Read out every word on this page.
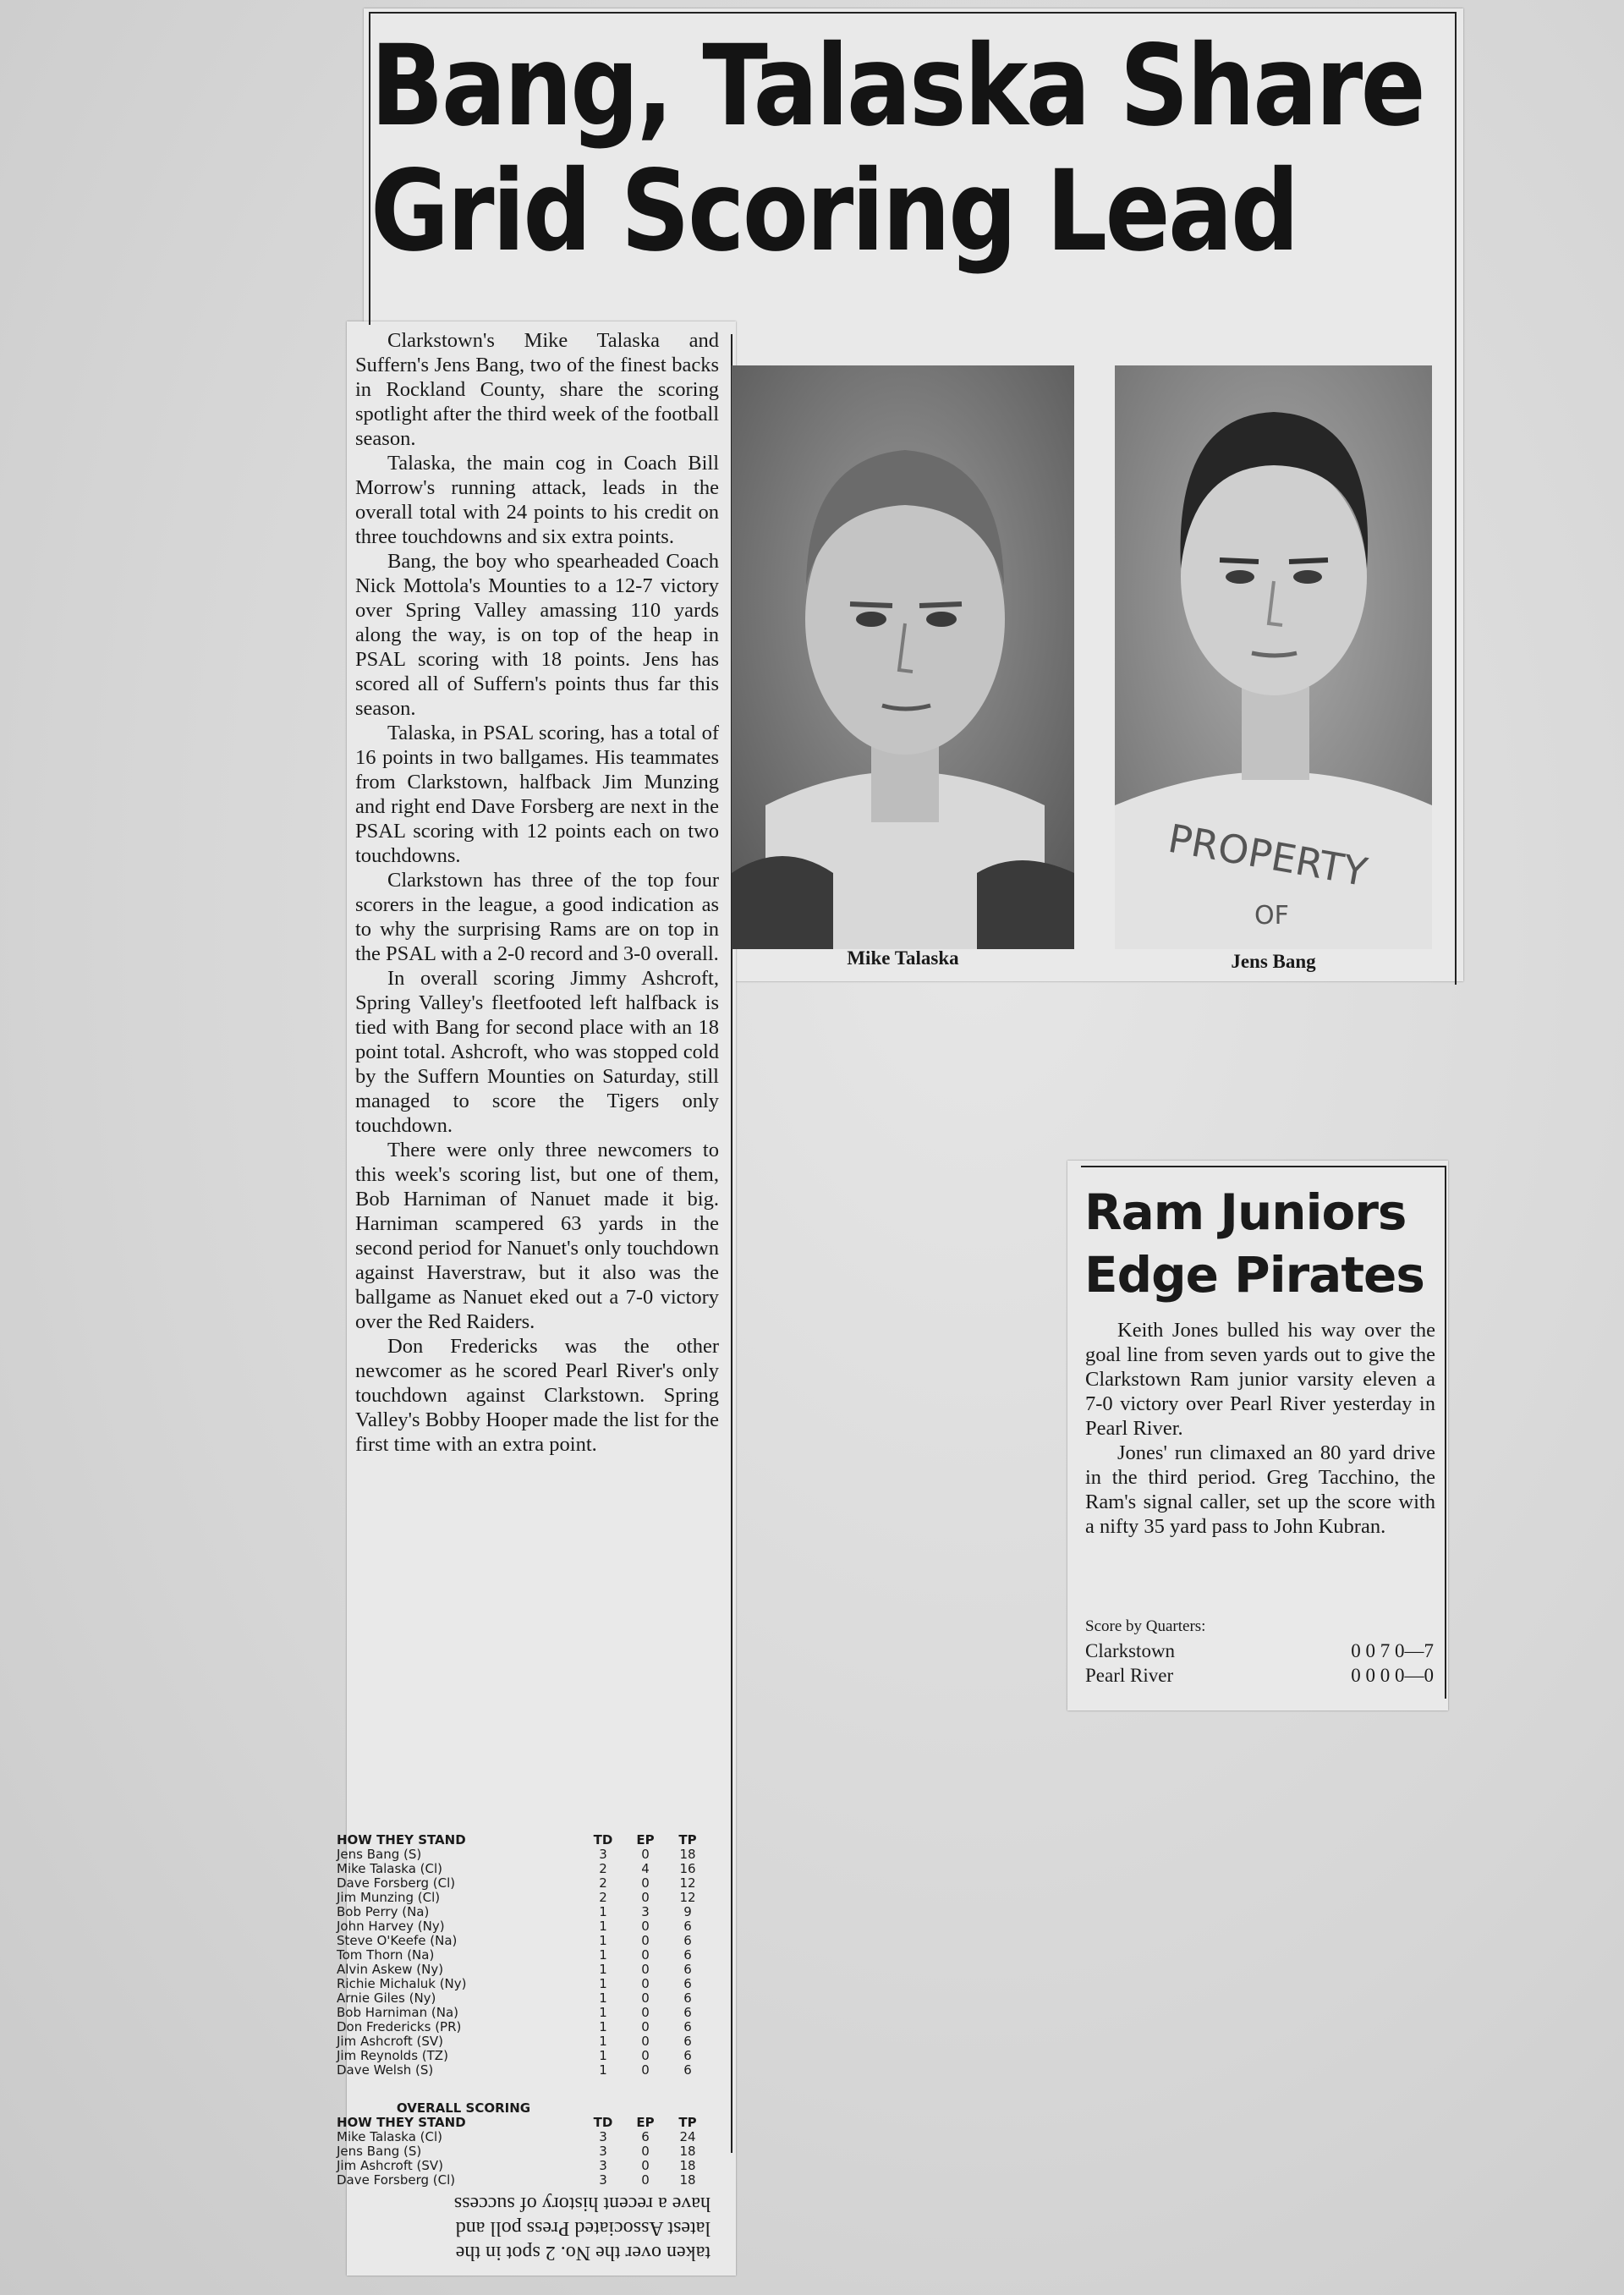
Bang, Talaska Share
Grid Scoring Lead

Clarkstown's Mike Talaska and Suffern's Jens Bang, two of the finest backs in Rockland County, share the scoring spotlight after the third week of the football season.

Talaska, the main cog in Coach Bill Morrow's running attack, leads in the overall total with 24 points to his credit on three touchdowns and six extra points.

Bang, the boy who spearheaded Coach Nick Mottola's Mounties to a 12-7 victory over Spring Valley amassing 110 yards along the way, is on top of the heap in PSAL scoring with 18 points. Jens has scored all of Suffern's points thus far this season.

Talaska, in PSAL scoring, has a total of 16 points in two ballgames. His teammates from Clarkstown, halfback Jim Munzing and right end Dave Forsberg are next in the PSAL scoring with 12 points each on two touchdowns.

Clarkstown has three of the top four scorers in the league, a good indication as to why the surprising Rams are on top in the PSAL with a 2-0 record and 3-0 overall.

In overall scoring Jimmy Ashcroft, Spring Valley's fleetfooted left halfback is tied with Bang for second place with an 18 point total. Ashcroft, who was stopped cold by the Suffern Mounties on Saturday, still managed to score the Tigers only touchdown.

There were only three newcomers to this week's scoring list, but one of them, Bob Harniman of Nanuet made it big. Harniman scampered 63 yards in the second period for Nanuet's only touchdown against Haverstraw, but it also was the ballgame as Nanuet eked out a 7-0 victory over the Red Raiders.

Don Fredericks was the other newcomer as he scored Pearl River's only touchdown against Clarkstown. Spring Valley's Bobby Hooper made the list for the first time with an extra point.

PROPERTY
OF
Mike Talaska	Jens Bang
HOW THEY STAND	TD	EP	TP
Jens Bang (S)	3	0	18
Mike Talaska (Cl)	2	4	16
Dave Forsberg (Cl)	2	0	12
Jim Munzing (Cl)	2	0	12
Bob Perry (Na)	1	3	9
John Harvey (Ny)	1	0	6
Steve O'Keefe (Na)	1	0	6
Tom Thorn (Na)	1	0	6
Alvin Askew (Ny)	1	0	6
Richie Michaluk (Ny)	1	0	6
Arnie Giles (Ny)	1	0	6
Bob Harniman (Na)	1	0	6
Don Fredericks (PR)	1	0	6
Jim Ashcroft (SV)	1	0	6
Jim Reynolds (TZ)	1	0	6
Dave Welsh (S)	1	0	6
OVERALL SCORING
HOW THEY STAND	TD	EP	TP
Mike Talaska (Cl)	3	6	24
Jens Bang (S)	3	0	18
Jim Ashcroft (SV)	3	0	18
Dave Forsberg (Cl)	3	0	18
taken over the No. 2 spot in the
latest Associated Press poll and
have a recent history of success
Ram Juniors
Edge Pirates

Keith Jones bulled his way over the goal line from seven yards out to give the Clarkstown Ram junior varsity eleven a 7-0 victory over Pearl River yesterday in Pearl River.

Jones' run climaxed an 80 yard drive in the third period. Greg Tacchino, the Ram's signal caller, set up the score with a nifty 35 yard pass to John Kubran.

Score by Quarters:
Clarkstown	0 0 7 0—7
Pearl River	0 0 0 0—0
